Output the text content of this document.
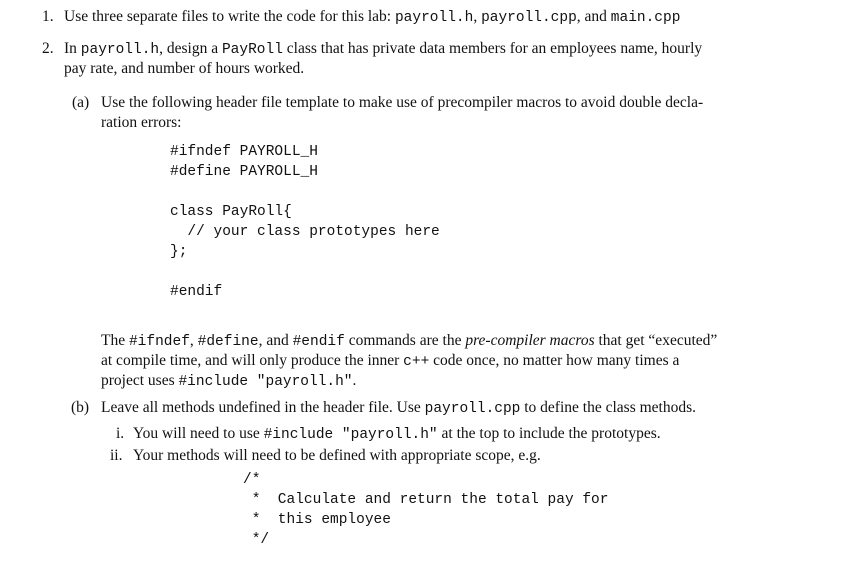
1. Use three separate files to write the code for this lab: payroll.h, payroll.cpp, and main.cpp
2. In payroll.h, design a PayRoll class that has private data members for an employees name, hourly
pay rate, and number of hours worked.
(a) Use the following header file template to make use of precompiler macros to avoid double decla-
ration errors:
#ifndef PAYROLL_H
#define PAYROLL_H
class PayRoll{
// your class prototypes here
};
#endif
The #ifndef, #define, and #endif commands are the pre-compiler macros that get “executed”
at compile time, and will only produce the inner c++ code once, no matter how many times a
project uses #include "payroll.h".
(b) Leave all methods undefined in the header file. Use payroll.cpp to define the class methods.
i. You will need to use #include "payroll.h" at the top to include the prototypes.
ii. Your methods will need to be defined with appropriate scope, e.g.
/*
*  Calculate and return the total pay for
*  this employee
*/
